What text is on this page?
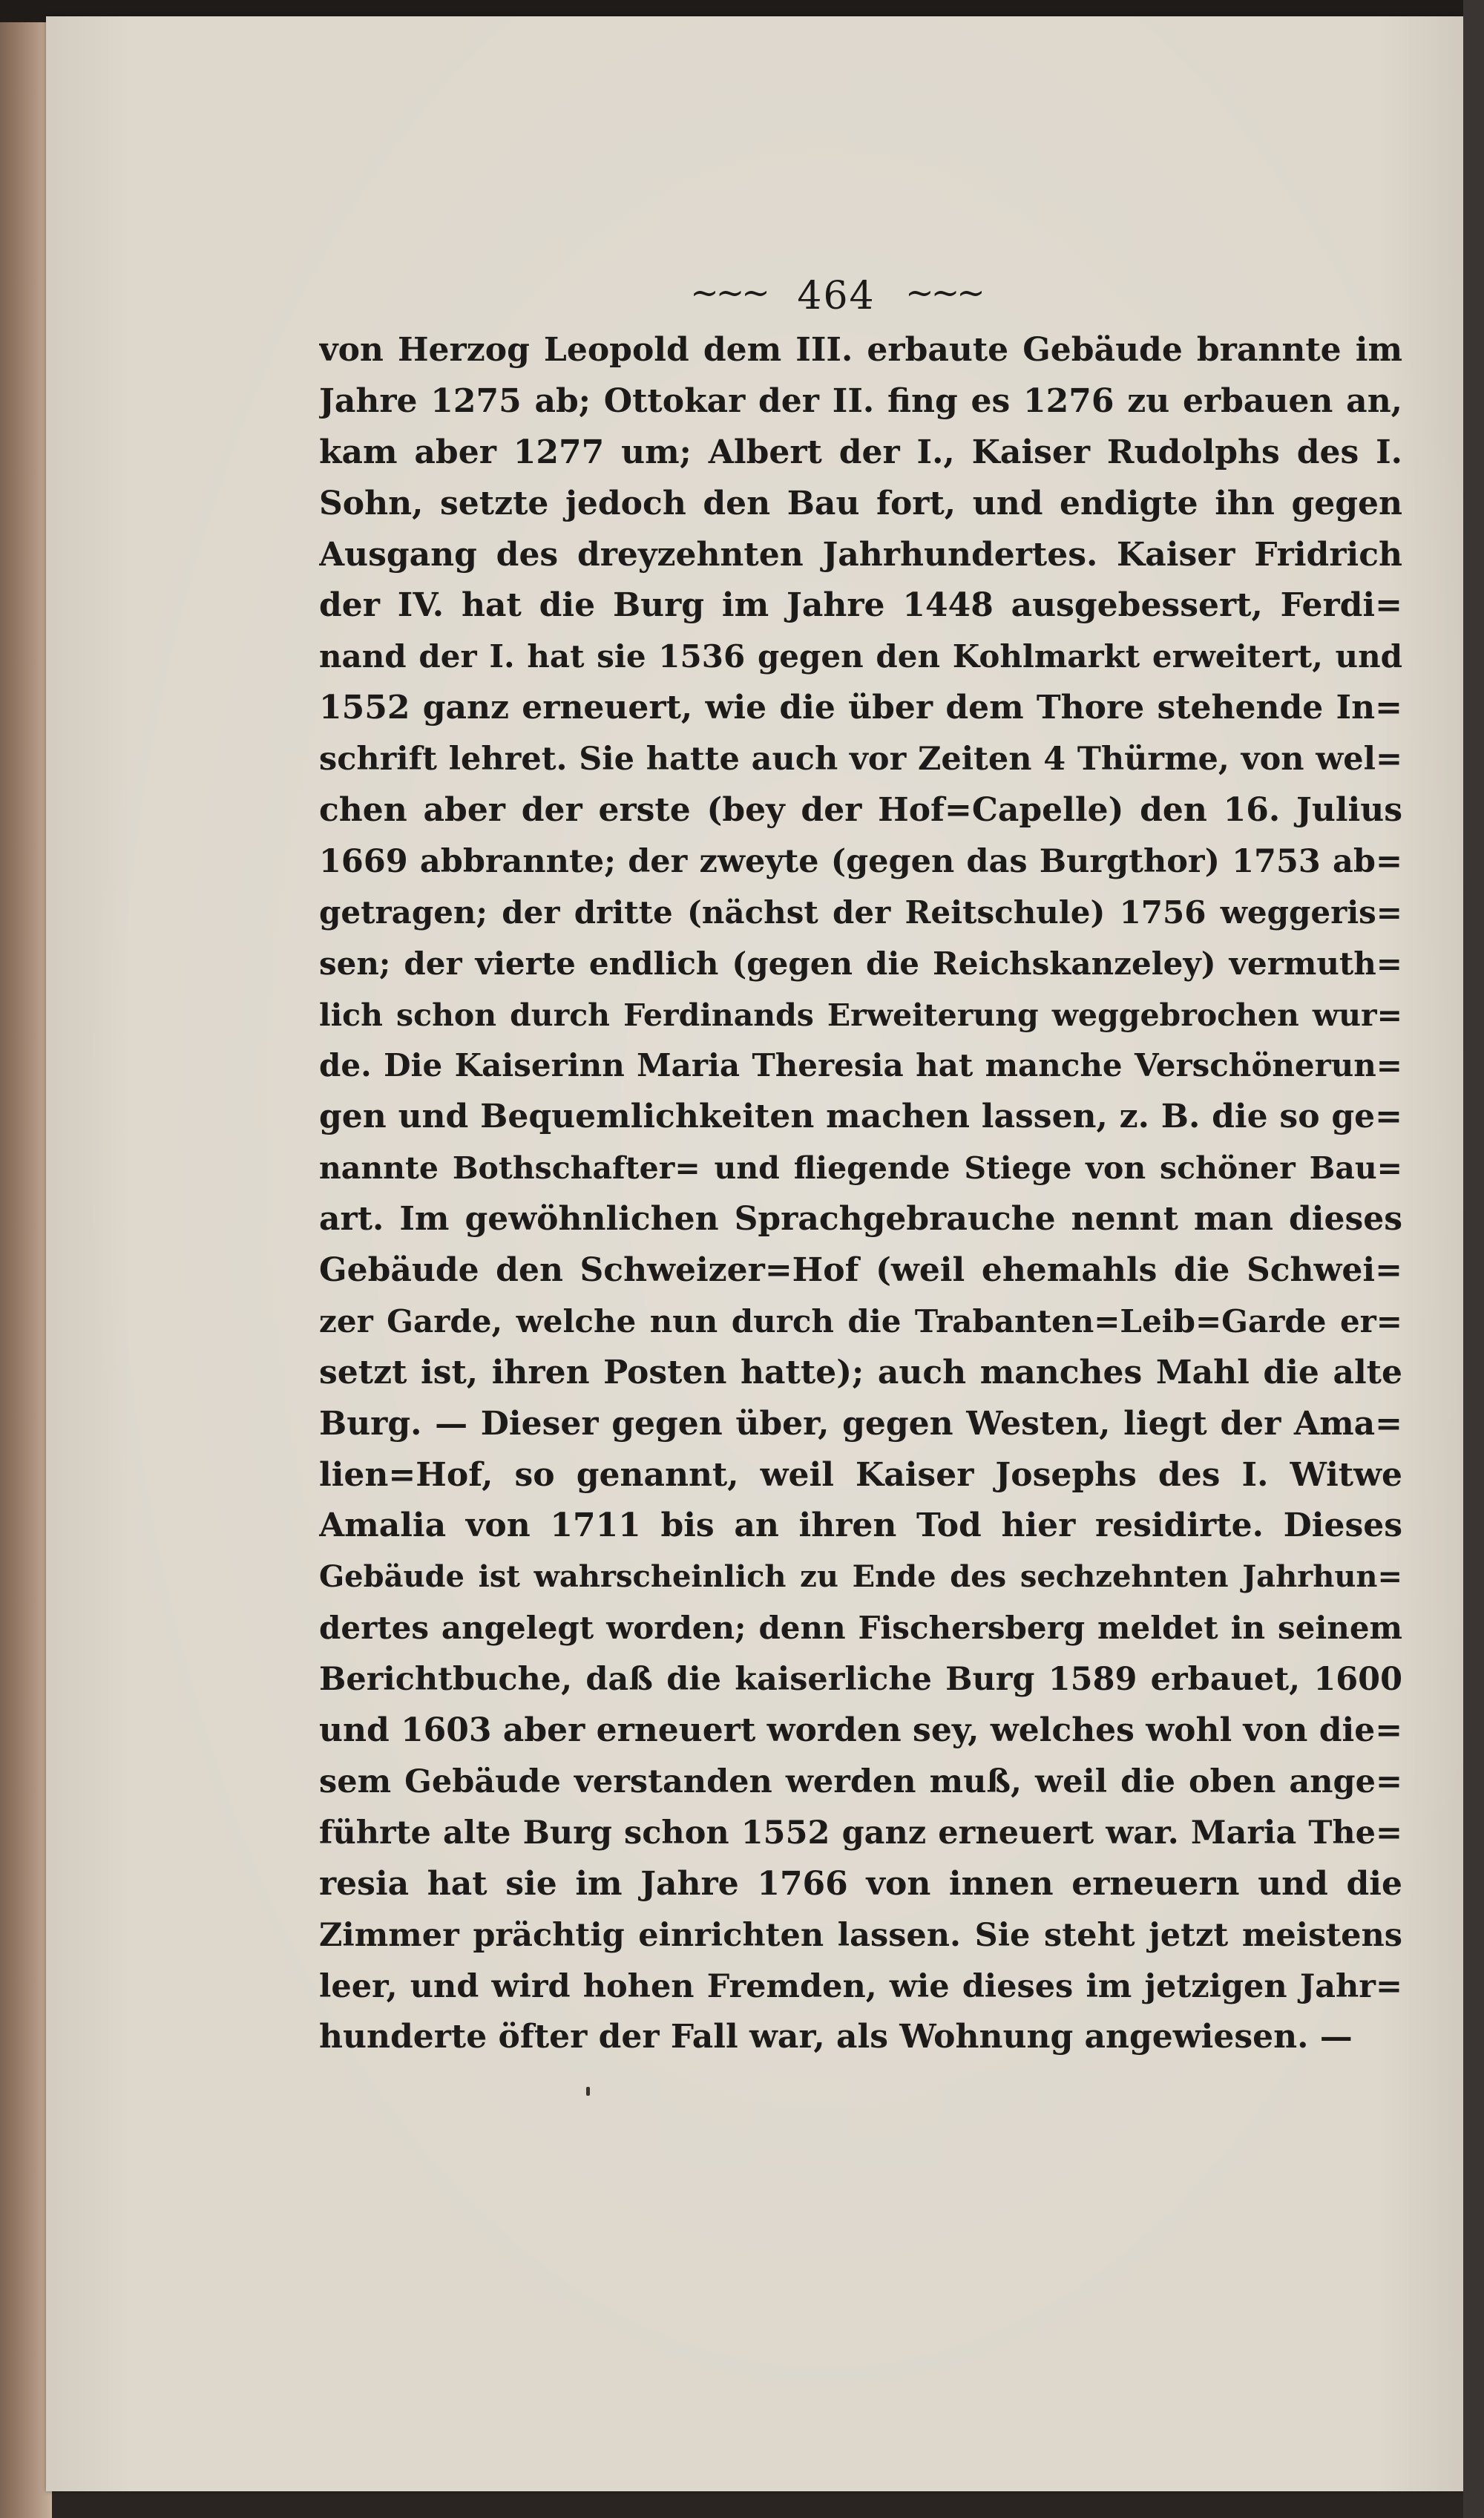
~~~ 464 ~~~
von Herzog Leopold dem III. erbaute Gebäude brannte im
Jahre 1275 ab; Ottokar der II. fing es 1276 zu erbauen an,
kam aber 1277 um; Albert der I., Kaiser Rudolphs des I.
Sohn, setzte jedoch den Bau fort, und endigte ihn gegen
Ausgang des dreyzehnten Jahrhundertes. Kaiser Fridrich
der IV. hat die Burg im Jahre 1448 ausgebessert, Ferdi=
nand der I. hat sie 1536 gegen den Kohlmarkt erweitert, und
1552 ganz erneuert, wie die über dem Thore stehende In=
schrift lehret. Sie hatte auch vor Zeiten 4 Thürme, von wel=
chen aber der erste (bey der Hof=Capelle) den 16. Julius
1669 abbrannte; der zweyte (gegen das Burgthor) 1753 ab=
getragen; der dritte (nächst der Reitschule) 1756 weggeris=
sen; der vierte endlich (gegen die Reichskanzeley) vermuth=
lich schon durch Ferdinands Erweiterung weggebrochen wur=
de. Die Kaiserinn Maria Theresia hat manche Verschönerun=
gen und Bequemlichkeiten machen lassen, z. B. die so ge=
nannte Bothschafter= und fliegende Stiege von schöner Bau=
art. Im gewöhnlichen Sprachgebrauche nennt man dieses
Gebäude den Schweizer=Hof (weil ehemahls die Schwei=
zer Garde, welche nun durch die Trabanten=Leib=Garde er=
setzt ist, ihren Posten hatte); auch manches Mahl die alte
Burg. — Dieser gegen über, gegen Westen, liegt der Ama=
lien=Hof, so genannt, weil Kaiser Josephs des I. Witwe
Amalia von 1711 bis an ihren Tod hier residirte. Dieses
Gebäude ist wahrscheinlich zu Ende des sechzehnten Jahrhun=
dertes angelegt worden; denn Fischersberg meldet in seinem
Berichtbuche, daß die kaiserliche Burg 1589 erbauet, 1600
und 1603 aber erneuert worden sey, welches wohl von die=
sem Gebäude verstanden werden muß, weil die oben ange=
führte alte Burg schon 1552 ganz erneuert war. Maria The=
resia hat sie im Jahre 1766 von innen erneuern und die
Zimmer prächtig einrichten lassen. Sie steht jetzt meistens
leer, und wird hohen Fremden, wie dieses im jetzigen Jahr=
hunderte öfter der Fall war, als Wohnung angewiesen. —
